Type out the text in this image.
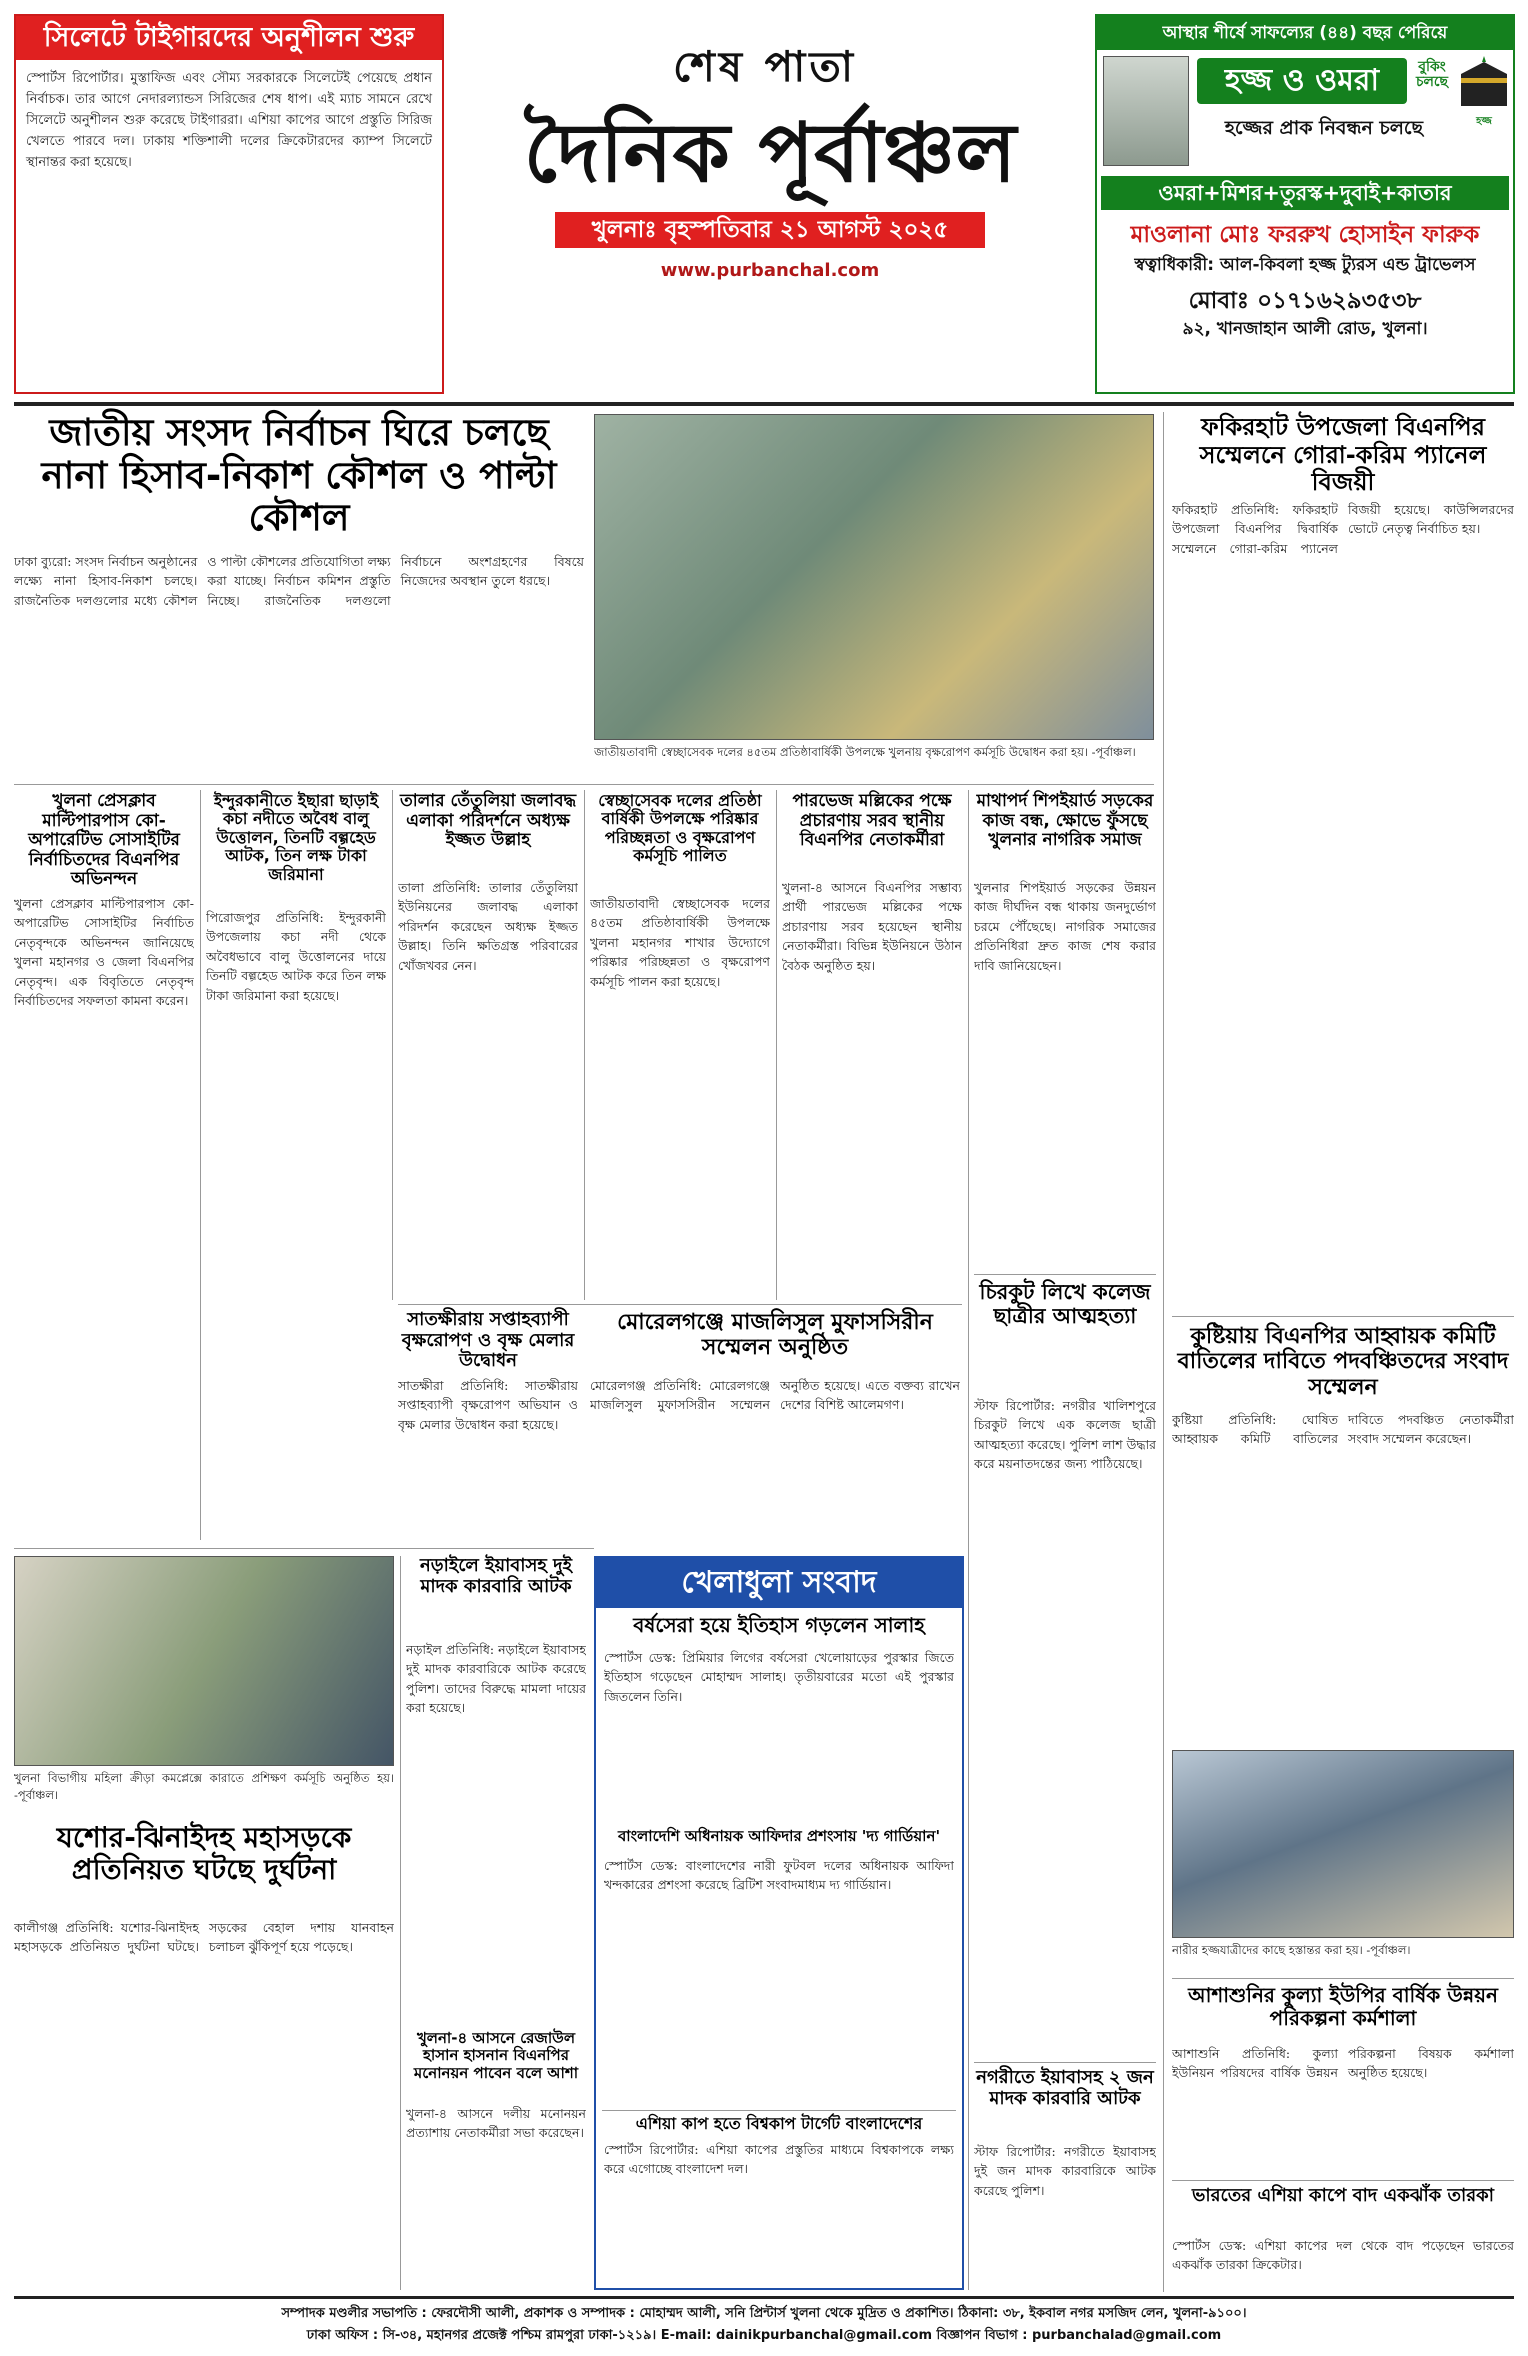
সিলেটে টাইগারদের অনুশীলন শুরু
স্পোর্টস রিপোর্টার। মুস্তাফিজ এবং সৌম্য সরকারকে সিলেটেই পেয়েছে প্রধান নির্বাচক। তার আগে নেদারল্যান্ডস সিরিজের শেষ ধাপ। এই ম্যাচ সামনে রেখে সিলেটে অনুশীলন শুরু করেছে টাইগাররা। এশিয়া কাপের আগে প্রস্তুতি সিরিজ খেলতে পারবে দল। ঢাকায় শক্তিশালী দলের ক্রিকেটারদের ক্যাম্প সিলেটে স্থানান্তর করা হয়েছে।
শেষ পাতা
দৈনিক পূর্বাঞ্চল
খুলনাঃ বৃহস্পতিবার ২১ আগস্ট ২০২৫
www.purbanchal.com
আস্থার শীর্ষে সাফল্যের (৪৪) বছর পেরিয়ে
হজ্জ ও ওমরা	বুকিং চলছে
হজ্জ
হজ্জের প্রাক নিবন্ধন চলছে
ওমরা+মিশর+তুরস্ক+দুবাই+কাতার
মাওলানা মোঃ ফররুখ হোসাইন ফারুক
স্বত্বাধিকারী: আল-কিবলা হজ্জ ট্যুরস এন্ড ট্রাভেলস
মোবাঃ ০১৭১৬২৯৩৫৩৮
৯২, খানজাহান আলী রোড, খুলনা।
জাতীয় সংসদ নির্বাচন ঘিরে চলছে নানা হিসাব-নিকাশ কৌশল ও পাল্টা কৌশল
ঢাকা ব্যুরো: সংসদ নির্বাচন অনুষ্ঠানের লক্ষ্যে নানা হিসাব-নিকাশ চলছে। রাজনৈতিক দলগুলোর মধ্যে কৌশল ও পাল্টা কৌশলের প্রতিযোগিতা লক্ষ্য করা যাচ্ছে। নির্বাচন কমিশন প্রস্তুতি নিচ্ছে। রাজনৈতিক দলগুলো নির্বাচনে অংশগ্রহণের বিষয়ে নিজেদের অবস্থান তুলে ধরছে।
জাতীয়তাবাদী স্বেচ্ছাসেবক দলের ৪৫তম প্রতিষ্ঠাবার্ষিকী উপলক্ষে খুলনায় বৃক্ষরোপণ কর্মসূচি উদ্বোধন করা হয়। -পূর্বাঞ্চল।
ফকিরহাট উপজেলা বিএনপির সম্মেলনে গোরা-করিম প্যানেল বিজয়ী
ফকিরহাট প্রতিনিধি: ফকিরহাট উপজেলা বিএনপির দ্বিবার্ষিক সম্মেলনে গোরা-করিম প্যানেল বিজয়ী হয়েছে। কাউন্সিলরদের ভোটে নেতৃত্ব নির্বাচিত হয়।
কুষ্টিয়ায় বিএনপির আহ্বায়ক কমিটি বাতিলের দাবিতে পদবঞ্চিতদের সংবাদ সম্মেলন
কুষ্টিয়া প্রতিনিধি: ঘোষিত আহ্বায়ক কমিটি বাতিলের দাবিতে পদবঞ্চিত নেতাকর্মীরা সংবাদ সম্মেলন করেছেন।
নারীর হজ্জযাত্রীদের কাছে হস্তান্তর করা হয়। -পূর্বাঞ্চল।
আশাশুনির কুল্যা ইউপির বার্ষিক উন্নয়ন পরিকল্পনা কর্মশালা
আশাশুনি প্রতিনিধি: কুল্যা ইউনিয়ন পরিষদের বার্ষিক উন্নয়ন পরিকল্পনা বিষয়ক কর্মশালা অনুষ্ঠিত হয়েছে।
ভারতের এশিয়া কাপে বাদ একঝাঁক তারকা
স্পোর্টস ডেস্ক: এশিয়া কাপের দল থেকে বাদ পড়েছেন ভারতের একঝাঁক তারকা ক্রিকেটার।
খুলনা প্রেসক্লাব মাল্টিপারপাস কো-অপারেটিভ সোসাইটির নির্বাচিতদের বিএনপির অভিনন্দন
খুলনা প্রেসক্লাব মাল্টিপারপাস কো-অপারেটিভ সোসাইটির নির্বাচিত নেতৃবৃন্দকে অভিনন্দন জানিয়েছে খুলনা মহানগর ও জেলা বিএনপির নেতৃবৃন্দ। এক বিবৃতিতে নেতৃবৃন্দ নির্বাচিতদের সফলতা কামনা করেন।
ইন্দুরকানীতে ইছারা ছাড়াই কচা নদীতে অবৈধ বালু উত্তোলন, তিনটি বল্গহেড আটক, তিন লক্ষ টাকা জরিমানা
পিরোজপুর প্রতিনিধি: ইন্দুরকানী উপজেলায় কচা নদী থেকে অবৈধভাবে বালু উত্তোলনের দায়ে তিনটি বল্গহেড আটক করে তিন লক্ষ টাকা জরিমানা করা হয়েছে।
তালার তেঁতুলিয়া জলাবদ্ধ এলাকা পরিদর্শনে অধ্যক্ষ ইজ্জত উল্লাহ
তালা প্রতিনিধি: তালার তেঁতুলিয়া ইউনিয়নের জলাবদ্ধ এলাকা পরিদর্শন করেছেন অধ্যক্ষ ইজ্জত উল্লাহ। তিনি ক্ষতিগ্রস্ত পরিবারের খোঁজখবর নেন।
স্বেচ্ছাসেবক দলের প্রতিষ্ঠা বার্ষিকী উপলক্ষে পরিষ্কার পরিচ্ছন্নতা ও বৃক্ষরোপণ কর্মসূচি পালিত
জাতীয়তাবাদী স্বেচ্ছাসেবক দলের ৪৫তম প্রতিষ্ঠাবার্ষিকী উপলক্ষে খুলনা মহানগর শাখার উদ্যোগে পরিষ্কার পরিচ্ছন্নতা ও বৃক্ষরোপণ কর্মসূচি পালন করা হয়েছে।
পারভেজ মল্লিকের পক্ষে প্রচারণায় সরব স্থানীয় বিএনপির নেতাকর্মীরা
খুলনা-৪ আসনে বিএনপির সম্ভাব্য প্রার্থী পারভেজ মল্লিকের পক্ষে প্রচারণায় সরব হয়েছেন স্থানীয় নেতাকর্মীরা। বিভিন্ন ইউনিয়নে উঠান বৈঠক অনুষ্ঠিত হয়।
মাথাপর্দ শিপইয়ার্ড সড়কের কাজ বন্ধ, ক্ষোভে ফুঁসছে খুলনার নাগরিক সমাজ
খুলনার শিপইয়ার্ড সড়কের উন্নয়ন কাজ দীর্ঘদিন বন্ধ থাকায় জনদুর্ভোগ চরমে পৌঁছেছে। নাগরিক সমাজের প্রতিনিধিরা দ্রুত কাজ শেষ করার দাবি জানিয়েছেন।
চিরকুট লিখে কলেজ ছাত্রীর আত্মহত্যা
স্টাফ রিপোর্টার: নগরীর খালিশপুরে চিরকুট লিখে এক কলেজ ছাত্রী আত্মহত্যা করেছে। পুলিশ লাশ উদ্ধার করে ময়নাতদন্তের জন্য পাঠিয়েছে।
নগরীতে ইয়াবাসহ ২ জন মাদক কারবারি আটক
স্টাফ রিপোর্টার: নগরীতে ইয়াবাসহ দুই জন মাদক কারবারিকে আটক করেছে পুলিশ।
সাতক্ষীরায় সপ্তাহব্যাপী বৃক্ষরোপণ ও বৃক্ষ মেলার উদ্বোধন
সাতক্ষীরা প্রতিনিধি: সাতক্ষীরায় সপ্তাহব্যাপী বৃক্ষরোপণ অভিযান ও বৃক্ষ মেলার উদ্বোধন করা হয়েছে।
মোরেলগঞ্জে মাজলিসুল মুফাসসিরীন সম্মেলন অনুষ্ঠিত
মোরেলগঞ্জ প্রতিনিধি: মোরেলগঞ্জে মাজলিসুল মুফাসসিরীন সম্মেলন অনুষ্ঠিত হয়েছে। এতে বক্তব্য রাখেন দেশের বিশিষ্ট আলেমগণ।
খুলনা বিভাগীয় মহিলা ক্রীড়া কমপ্লেক্সে কারাতে প্রশিক্ষণ কর্মসূচি অনুষ্ঠিত হয়। -পূর্বাঞ্চল।
যশোর-ঝিনাইদহ মহাসড়কে প্রতিনিয়ত ঘটছে দুর্ঘটনা
কালীগঞ্জ প্রতিনিধি: যশোর-ঝিনাইদহ মহাসড়কে প্রতিনিয়ত দুর্ঘটনা ঘটছে। সড়কের বেহাল দশায় যানবাহন চলাচল ঝুঁকিপূর্ণ হয়ে পড়েছে।
নড়াইলে ইয়াবাসহ দুই মাদক কারবারি আটক
নড়াইল প্রতিনিধি: নড়াইলে ইয়াবাসহ দুই মাদক কারবারিকে আটক করেছে পুলিশ। তাদের বিরুদ্ধে মামলা দায়ের করা হয়েছে।
খুলনা-৪ আসনে রেজাউল হাসান হাসনান বিএনপির মনোনয়ন পাবেন বলে আশা
খুলনা-৪ আসনে দলীয় মনোনয়ন প্রত্যাশায় নেতাকর্মীরা সভা করেছেন।
খেলাধুলা সংবাদ
বর্ষসেরা হয়ে ইতিহাস গড়লেন সালাহ
স্পোর্টস ডেস্ক: প্রিমিয়ার লিগের বর্ষসেরা খেলোয়াড়ের পুরস্কার জিতে ইতিহাস গড়েছেন মোহাম্মদ সালাহ। তৃতীয়বারের মতো এই পুরস্কার জিতলেন তিনি।
বাংলাদেশি অধিনায়ক আফিদার প্রশংসায় 'দ্য গার্ডিয়ান'
স্পোর্টস ডেস্ক: বাংলাদেশের নারী ফুটবল দলের অধিনায়ক আফিদা খন্দকারের প্রশংসা করেছে ব্রিটিশ সংবাদমাধ্যম দ্য গার্ডিয়ান।
এশিয়া কাপ হতে বিশ্বকাপ টার্গেট বাংলাদেশের
স্পোর্টস রিপোর্টার: এশিয়া কাপের প্রস্তুতির মাধ্যমে বিশ্বকাপকে লক্ষ্য করে এগোচ্ছে বাংলাদেশ দল।
সম্পাদক মণ্ডলীর সভাপতি : ফেরদৌসী আলী, প্রকাশক ও সম্পাদক : মোহাম্মদ আলী, সনি প্রিন্টার্স খুলনা থেকে মুদ্রিত ও প্রকাশিত। ঠিকানা: ৩৮, ইকবাল নগর মসজিদ লেন, খুলনা-৯১০০।
ঢাকা অফিস : সি-৩৪, মহানগর প্রজেক্ট পশ্চিম রামপুরা ঢাকা-১২১৯। E-mail: dainikpurbanchal@gmail.com বিজ্ঞাপন বিভাগ : purbanchalad@gmail.com
